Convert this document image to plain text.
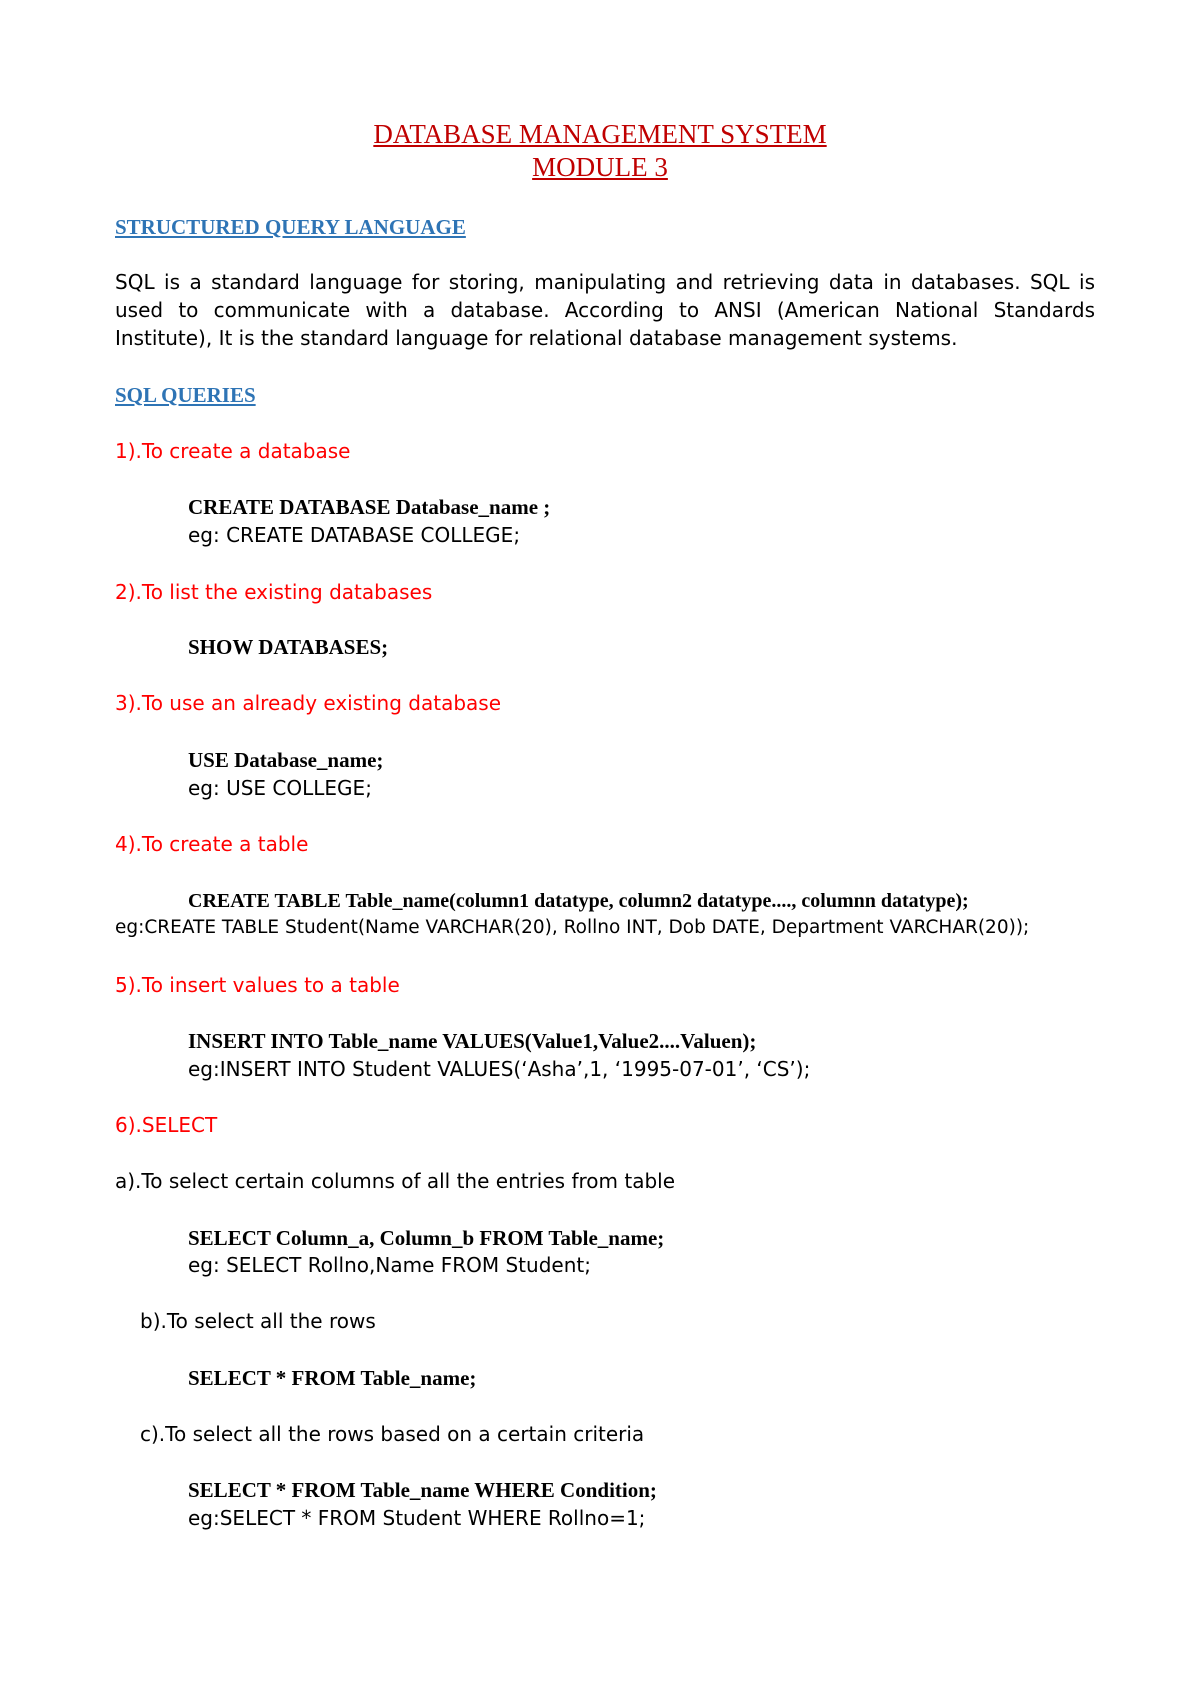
DATABASE MANAGEMENT SYSTEM
MODULE 3
STRUCTURED QUERY LANGUAGE
SQL is a standard language for storing, manipulating and retrieving data in databases. SQL is used to communicate with a database. According to ANSI (American National Standards Institute), It is the standard language for relational database management systems.
SQL QUERIES
1).To create a database
CREATE DATABASE Database_name ;
eg: CREATE DATABASE COLLEGE;
2).To list the existing databases
SHOW DATABASES;
3).To use an already existing database
USE Database_name;
eg: USE COLLEGE;
4).To create a table
CREATE TABLE Table_name(column1 datatype, column2 datatype...., columnn datatype);
eg:CREATE TABLE Student(Name VARCHAR(20), Rollno INT, Dob DATE, Department VARCHAR(20));
5).To insert values to a table
INSERT INTO Table_name VALUES(Value1,Value2....Valuen);
eg:INSERT INTO Student VALUES(‘Asha’,1, ‘1995-07-01’, ‘CS’);
6).SELECT
a).To select certain columns of all the entries from table
SELECT Column_a, Column_b FROM Table_name;
eg: SELECT Rollno,Name FROM Student;
b).To select all the rows
SELECT * FROM Table_name;
c).To select all the rows based on a certain criteria
SELECT * FROM Table_name WHERE Condition;
eg:SELECT * FROM Student WHERE Rollno=1;
